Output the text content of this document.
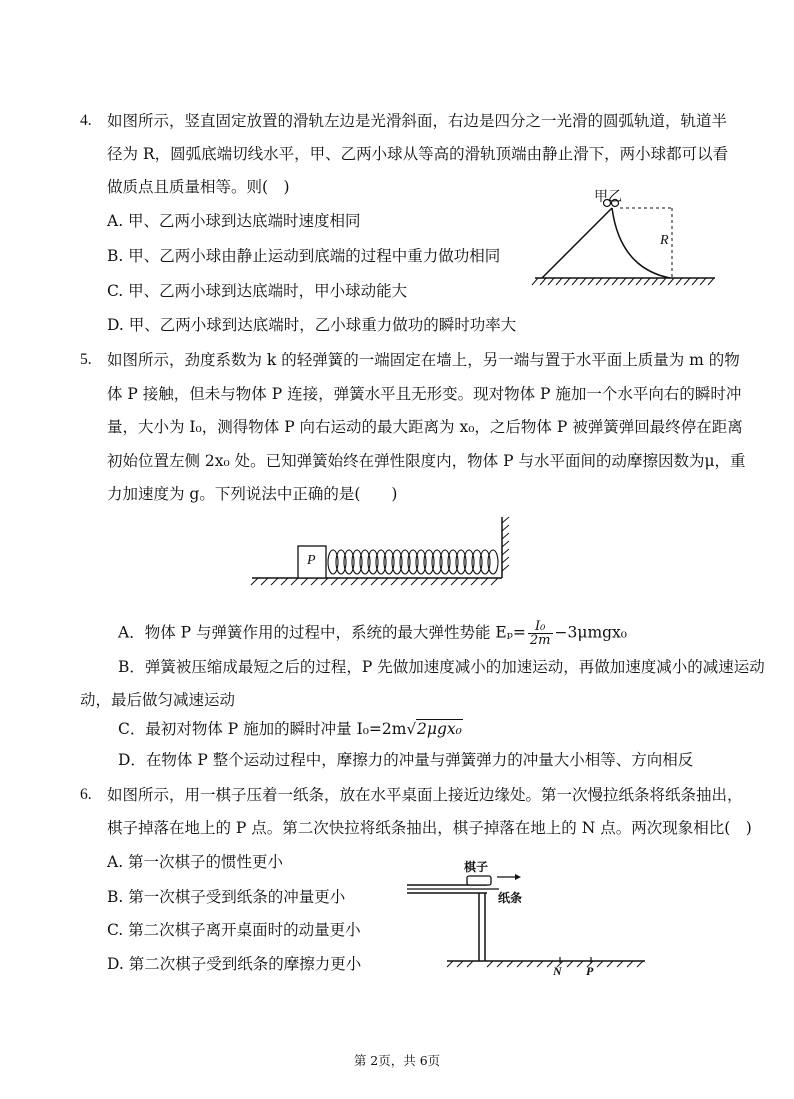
4. 如图所示，竖直固定放置的滑轨左边是光滑斜面，右边是四分之一光滑的圆弧轨道，轨道半
径为 R，圆弧底端切线水平，甲、乙两小球从等高的滑轨顶端由静止滑下，两小球都可以看
做质点且质量相等。则(　)
A. 甲、乙两小球到达底端时速度相同
B. 甲、乙两小球由静止运动到底端的过程中重力做功相同
C. 甲、乙两小球到达底端时，甲小球动能大
D. 甲、乙两小球到达底端时，乙小球重力做功的瞬时功率大
甲乙
R
5. 如图所示，劲度系数为 k 的轻弹簧的一端固定在墙上，另一端与置于水平面上质量为 m 的物
体 P 接触，但未与物体 P 连接，弹簧水平且无形变。现对物体 P 施加一个水平向右的瞬时冲
量，大小为 I₀，测得物体 P 向右运动的最大距离为 x₀，之后物体 P 被弹簧弹回最终停在距离
初始位置左侧 2x₀ 处。已知弹簧始终在弹性限度内，物体 P 与水平面间的动摩擦因数为μ，重
力加速度为 g。下列说法中正确的是(　　)
P
A．物体 P 与弹簧作用的过程中，系统的最大弹性势能 $E_p= \frac{\text{I₀}}{2m} -3\mu mgx_0$
B．弹簧被压缩成最短之后的过程，P 先做加速度减小的加速运动，再做加速度减小的减速运动
动，最后做匀减速运动
C．最初对物体 P 施加的瞬时冲量 I₀=2m√2μgx₀
D．在物体 P 整个运动过程中，摩擦力的冲量与弹簧弹力的冲量大小相等、方向相反
6. 如图所示，用一棋子压着一纸条，放在水平桌面上接近边缘处。第一次慢拉纸条将纸条抽出，
棋子掉落在地上的 P 点。第二次快拉将纸条抽出，棋子掉落在地上的 N 点。两次现象相比(　)
A. 第一次棋子的惯性更小
B. 第一次棋子受到纸条的冲量更小
C. 第二次棋子离开桌面时的动量更小
D. 第二次棋子受到纸条的摩擦力更小
棋子
纸条
N P
第 2页，共 6页
